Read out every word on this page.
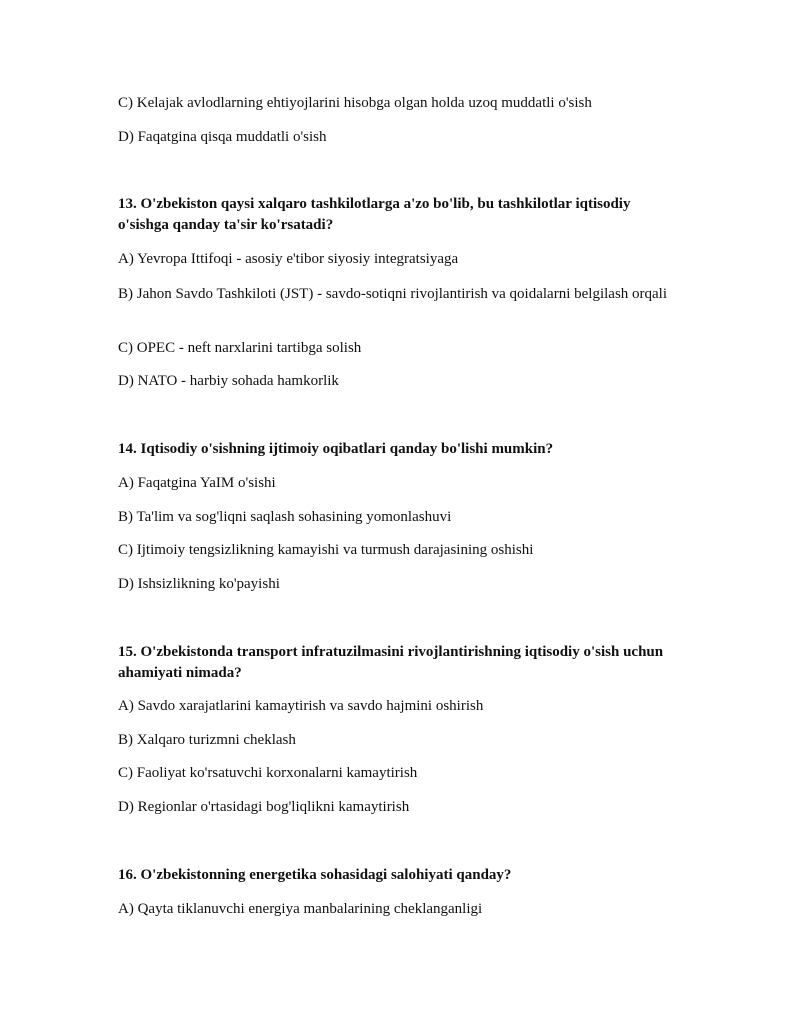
C) Kelajak avlodlarning ehtiyojlarini hisobga olgan holda uzoq muddatli o'sish
D) Faqatgina qisqa muddatli o'sish
13. O'zbekiston qaysi xalqaro tashkilotlarga a'zo bo'lib, bu tashkilotlar iqtisodiy o'sishga qanday ta'sir ko'rsatadi?
A) Yevropa Ittifoqi - asosiy e'tibor siyosiy integratsiyaga
B) Jahon Savdo Tashkiloti (JST) - savdo-sotiqni rivojlantirish va qoidalarni belgilash orqali
C) OPEC - neft narxlarini tartibga solish
D) NATO - harbiy sohada hamkorlik
14. Iqtisodiy o'sishning ijtimoiy oqibatlari qanday bo'lishi mumkin?
A) Faqatgina YaIM o'sishi
B) Ta'lim va sog'liqni saqlash sohasining yomonlashuvi
C) Ijtimoiy tengsizlikning kamayishi va turmush darajasining oshishi
D) Ishsizlikning ko'payishi
15. O'zbekistonda transport infratuzilmasini rivojlantirishning iqtisodiy o'sish uchun ahamiyati nimada?
A) Savdo xarajatlarini kamaytirish va savdo hajmini oshirish
B) Xalqaro turizmni cheklash
C) Faoliyat ko'rsatuvchi korxonalarni kamaytirish
D) Regionlar o'rtasidagi bog'liqlikni kamaytirish
16. O'zbekistonning energetika sohasidagi salohiyati qanday?
A) Qayta tiklanuvchi energiya manbalarining cheklanganligi
